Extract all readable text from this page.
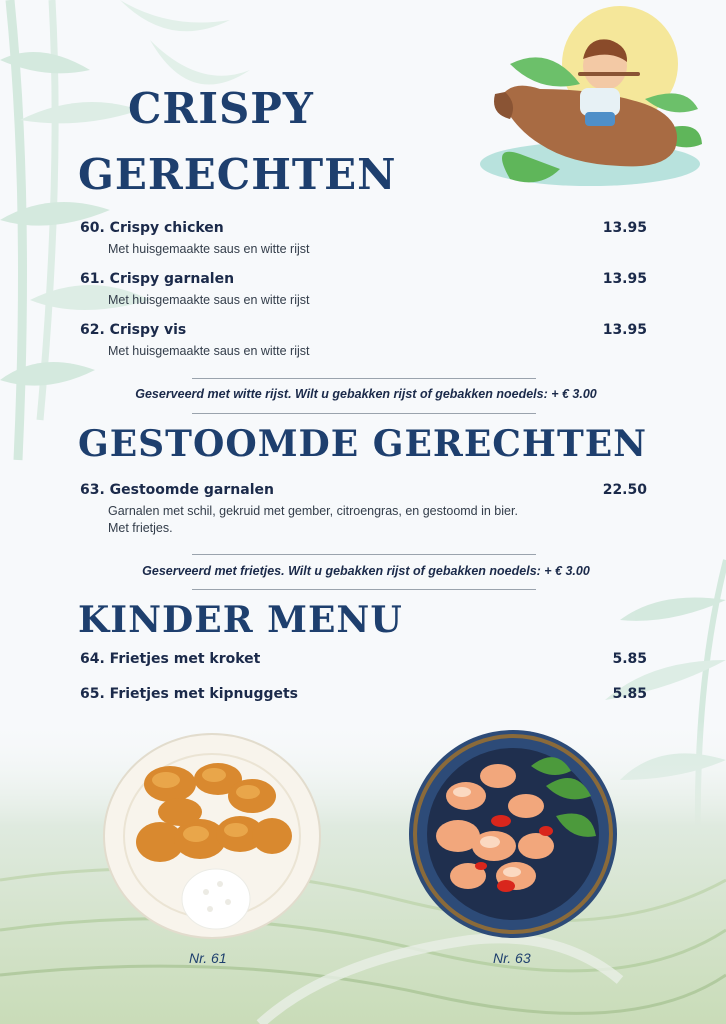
CRISPY
GERECHTEN
60. Crispy chicken	13.95
Met huisgemaakte saus en witte rijst
61. Crispy garnalen	13.95
Met huisgemaakte saus en witte rijst
62. Crispy vis	13.95
Met huisgemaakte saus en witte rijst
Geserveerd met witte rijst. Wilt u gebakken rijst of gebakken noedels: + € 3.00
GESTOOMDE GERECHTEN
63. Gestoomde garnalen	22.50
Garnalen met schil, gekruid met gember, citroengras, en gestoomd in bier. Met frietjes.
Geserveerd met frietjes. Wilt u gebakken rijst of gebakken noedels: + € 3.00
KINDER MENU
64. Frietjes met kroket	5.85
65. Frietjes met kipnuggets	5.85
Nr. 61	Nr. 63
